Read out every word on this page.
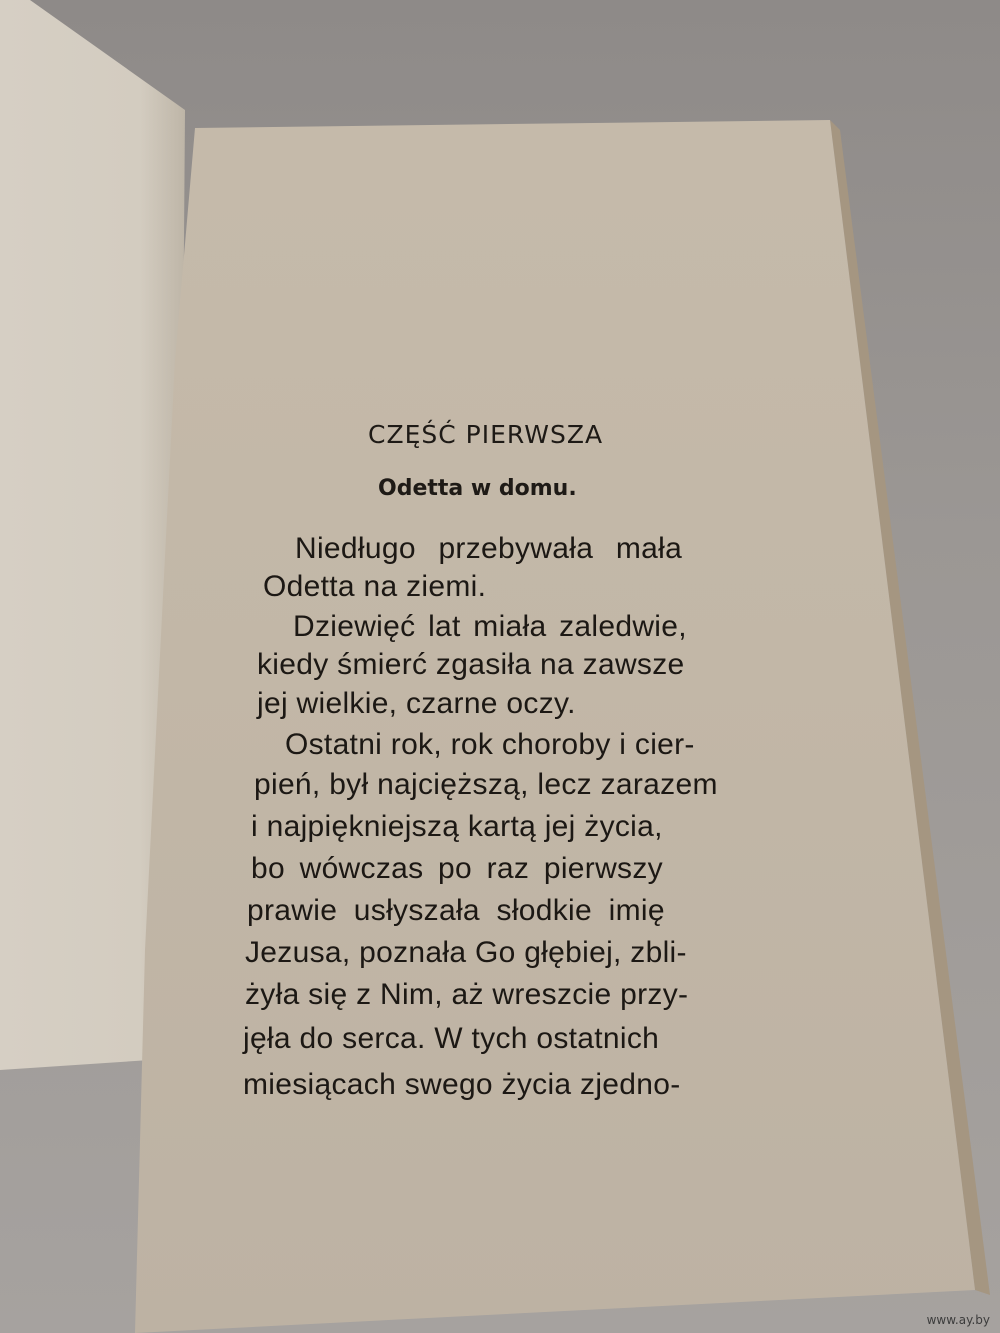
CZĘŚĆ PIERWSZA
Odetta w domu.
Niedługo przebywała mała
Odetta na ziemi.
Dziewięć lat miała zaledwie,
kiedy śmierć zgasiła na zawsze
jej wielkie, czarne oczy.
Ostatni rok, rok choroby i cier-
pień, był najcięższą, lecz zarazem
i najpiękniejszą kartą jej życia,
bo wówczas po raz pierwszy
prawie usłyszała słodkie imię
Jezusa, poznała Go głębiej, zbli-
żyła się z Nim, aż wreszcie przy-
jęła do serca. W tych ostatnich
miesiącach swego życia zjedno-
www.ay.by
